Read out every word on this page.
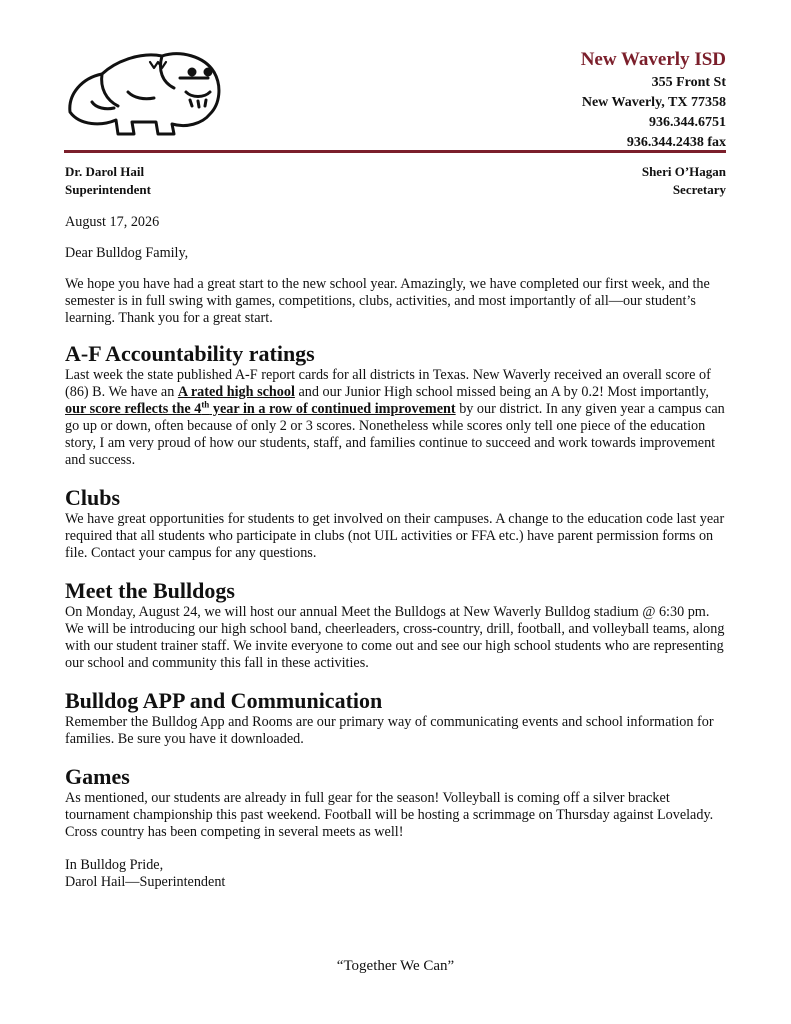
New Waverly ISD
355 Front St
New Waverly, TX 77358
936.344.6751
936.344.2438 fax
Dr. Darol Hail
Superintendent
Sheri O’Hagan
Secretary

August 17, 2026

Dear Bulldog Family,

We hope you have had a great start to the new school year. Amazingly, we have completed our first week, and the semester is in full swing with games, competitions, clubs, activities, and most importantly of all—our student’s learning. Thank you for a great start.

A-F Accountability ratings

Last week the state published A-F report cards for all districts in Texas. New Waverly received an overall score of (86) B. We have an A rated high school and our Junior High school missed being an A by 0.2! Most importantly, our score reflects the 4th year in a row of continued improvement by our district. In any given year a campus can go up or down, often because of only 2 or 3 scores. Nonetheless while scores only tell one piece of the education story, I am very proud of how our students, staff, and families continue to succeed and work towards improvement and success.

Clubs

We have great opportunities for students to get involved on their campuses. A change to the education code last year required that all students who participate in clubs (not UIL activities or FFA etc.) have parent permission forms on file. Contact your campus for any questions.

Meet the Bulldogs

On Monday, August 24, we will host our annual Meet the Bulldogs at New Waverly Bulldog stadium @ 6:30 pm. We will be introducing our high school band, cheerleaders, cross-country, drill, football, and volleyball teams, along with our student trainer staff. We invite everyone to come out and see our high school students who are representing our school and community this fall in these activities.

Bulldog APP and Communication

Remember the Bulldog App and Rooms are our primary way of communicating events and school information for families. Be sure you have it downloaded.

Games

As mentioned, our students are already in full gear for the season! Volleyball is coming off a silver bracket tournament championship this past weekend. Football will be hosting a scrimmage on Thursday against Lovelady. Cross country has been competing in several meets as well!

In Bulldog Pride,
Darol Hail—Superintendent
“Together We Can”
